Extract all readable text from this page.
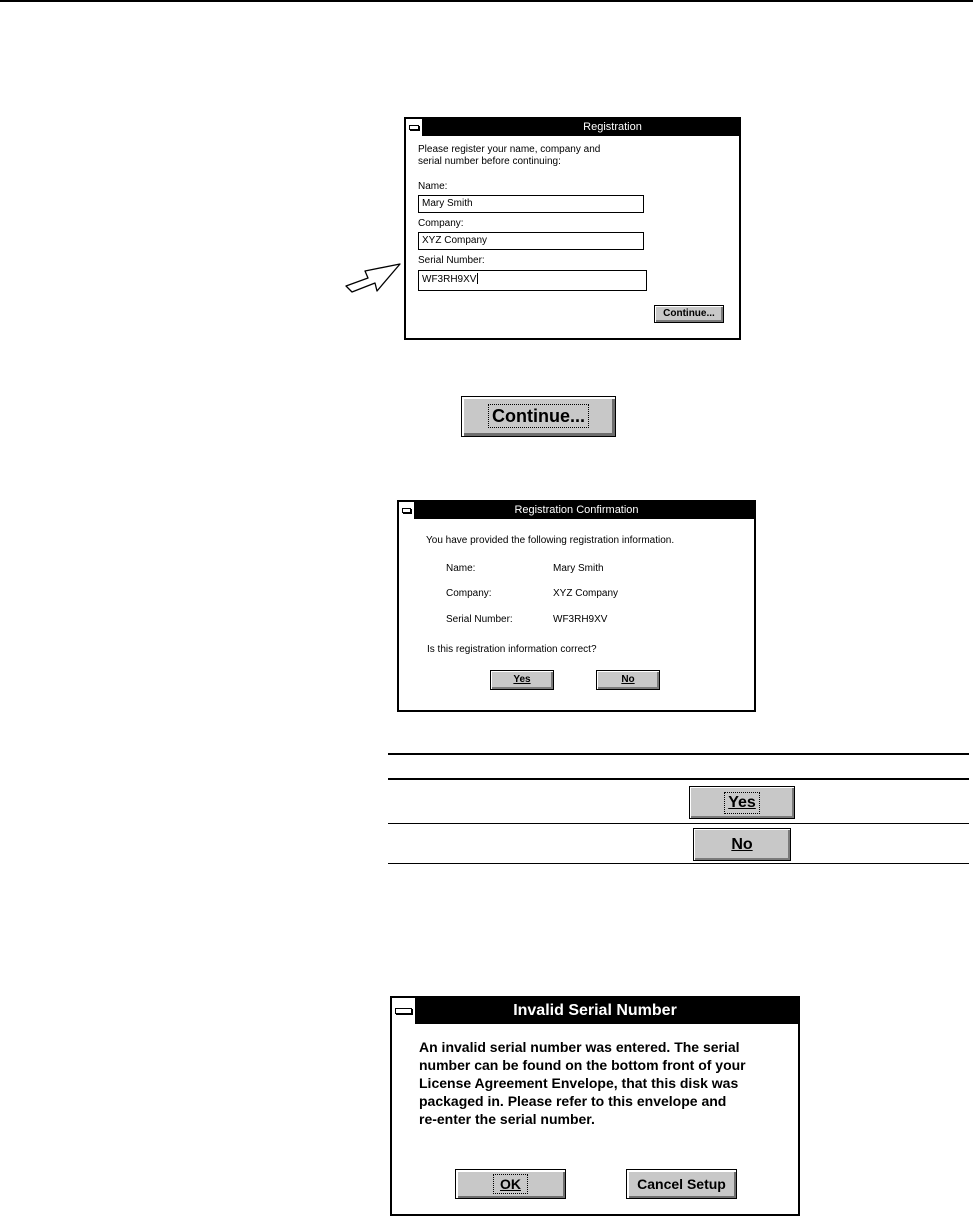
Registration
Please register your name, company and
serial number before continuing:
Name:
Mary Smith
Company:
XYZ Company
Serial Number:
WF3RH9XV
Continue...
Continue...
Registration Confirmation
You have provided the following registration information.
Name:	Mary Smith
Company:	XYZ Company
Serial Number:	WF3RH9XV
Is this registration information correct?
Yes	No
Yes
No
Invalid Serial Number
An invalid serial number was entered. The serial
number can be found on the bottom front of your
License Agreement Envelope, that this disk was
packaged in. Please refer to this envelope and
re-enter the serial number.
OK	Cancel Setup
